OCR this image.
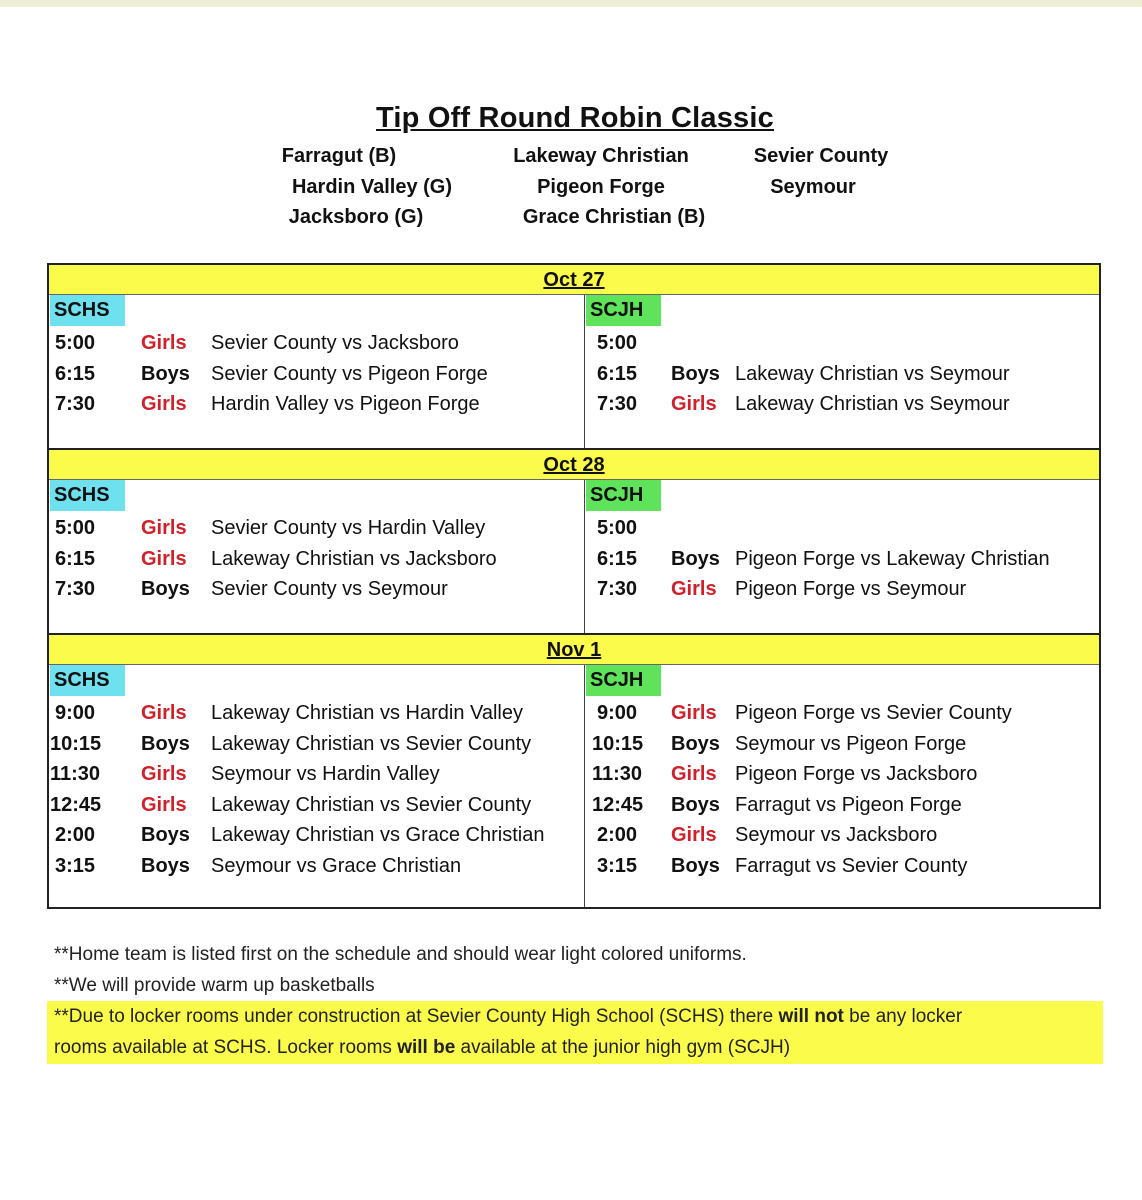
Tip Off Round Robin Classic
Farragut (B)	Lakeway Christian	Sevier County
Hardin Valley (G)	Pigeon Forge	Seymour
Jacksboro (G)	Grace Christian (B)
Oct 27
SCHS
5:00 Girls Sevier County vs Jacksboro
6:15 Boys Sevier County vs Pigeon Forge
7:30 Girls Hardin Valley vs Pigeon Forge
SCJH
5:00
6:15 Boys Lakeway Christian vs Seymour
7:30 Girls Lakeway Christian vs Seymour
Oct 28
SCHS
5:00 Girls Sevier County vs Hardin Valley
6:15 Girls Lakeway Christian vs Jacksboro
7:30 Boys Sevier County vs Seymour
SCJH
5:00
6:15 Boys Pigeon Forge vs Lakeway Christian
7:30 Girls Pigeon Forge vs Seymour
Nov 1
SCHS
9:00 Girls Lakeway Christian vs Hardin Valley
10:15 Boys Lakeway Christian vs Sevier County
11:30 Girls Seymour vs Hardin Valley
12:45 Girls Lakeway Christian vs Sevier County
2:00 Boys Lakeway Christian vs Grace Christian
3:15 Boys Seymour vs Grace Christian
SCJH
9:00 Girls Pigeon Forge vs Sevier County
10:15 Boys Seymour vs Pigeon Forge
11:30 Girls Pigeon Forge vs Jacksboro
12:45 Boys Farragut vs Pigeon Forge
2:00 Girls Seymour vs Jacksboro
3:15 Boys Farragut vs Sevier County
**Home team is listed first on the schedule and should wear light colored uniforms.
**We will provide warm up basketballs
**Due to locker rooms under construction at Sevier County High School (SCHS) there will not be any locker
rooms available at SCHS. Locker rooms will be available at the junior high gym (SCJH)
